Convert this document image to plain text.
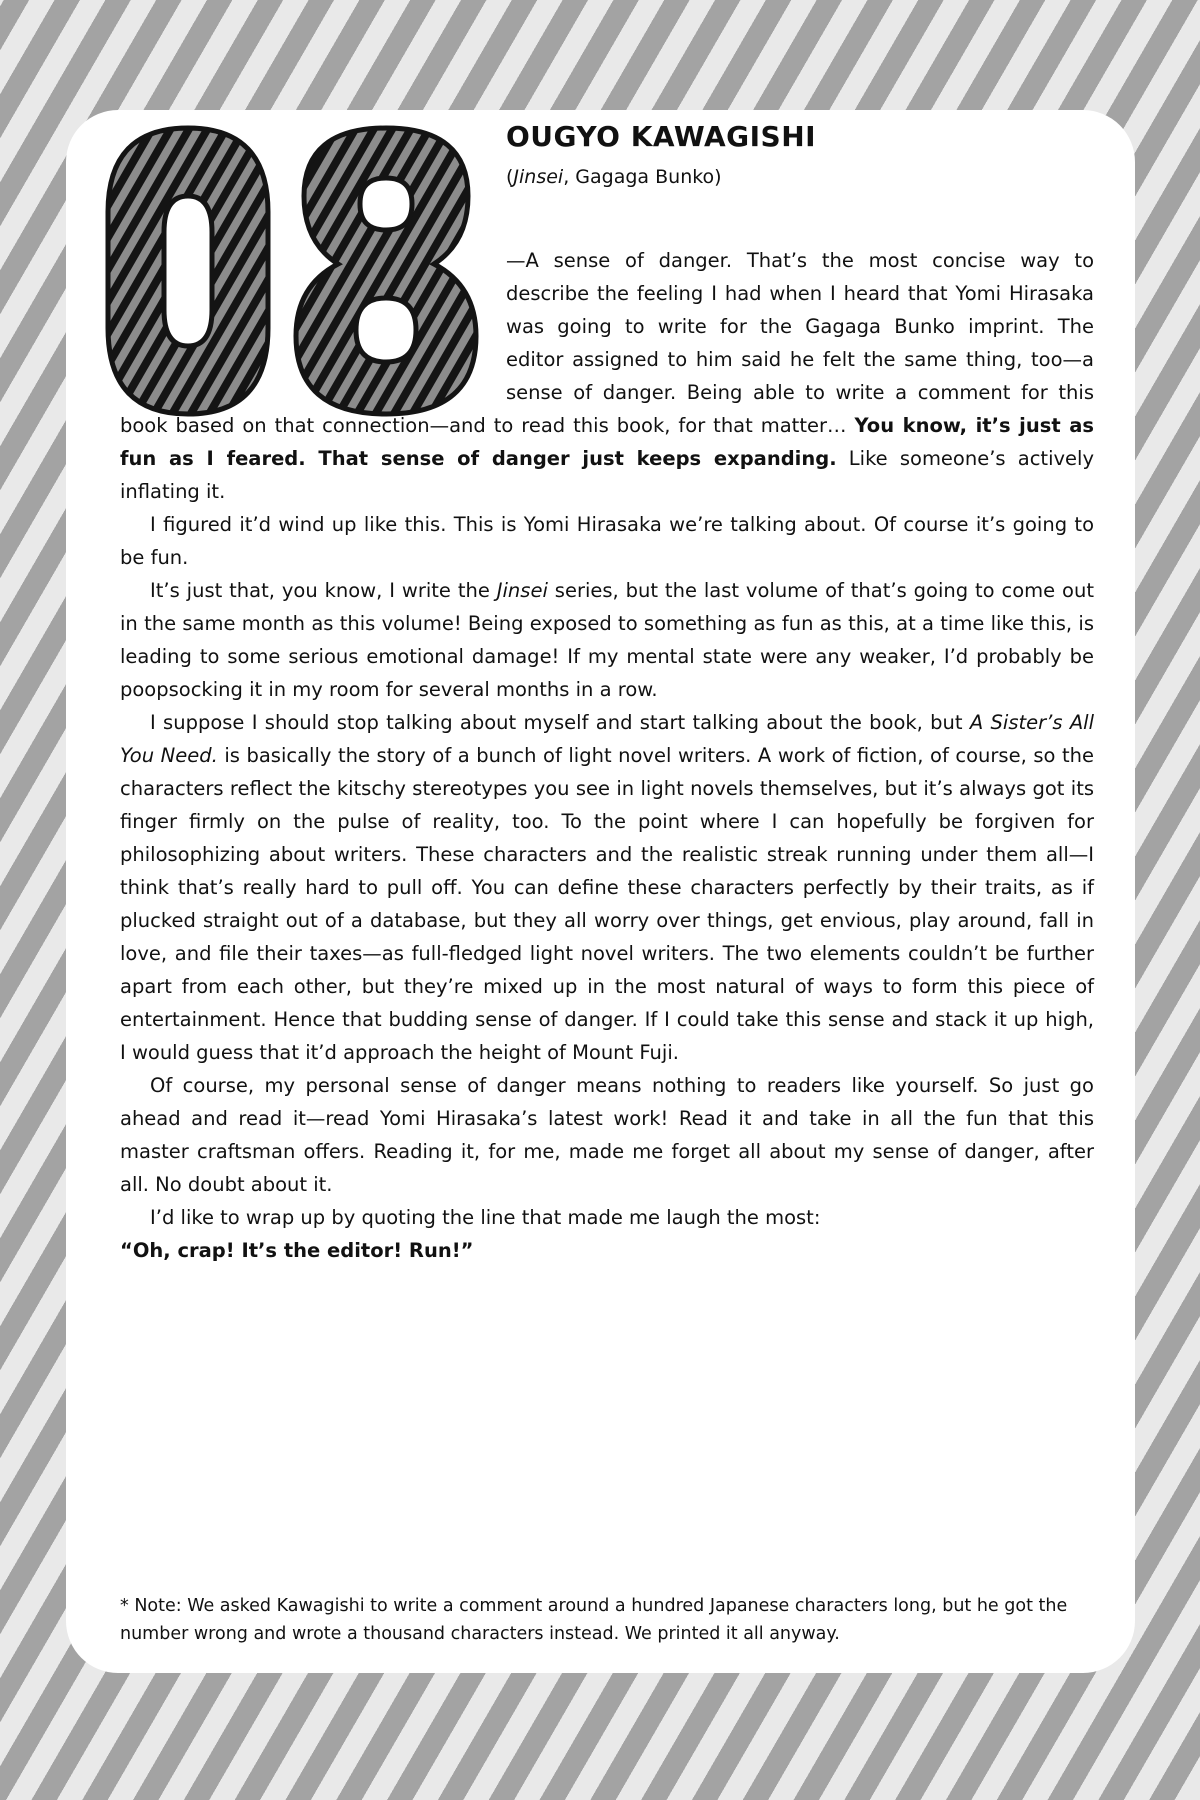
OUGYO KAWAGISHI
(Jinsei, Gagaga Bunko)

—A sense of danger. That’s the most concise way to describe the feeling I had when I heard that Yomi Hirasaka was going to write for the Gagaga Bunko imprint. The editor assigned to him said he felt the same thing, too—a sense of danger. Being able to write a comment for this book based on that connection—and to read this book, for that matter… You know, it’s just as fun as I feared. That sense of danger just keeps expanding. Like someone’s actively inflating it.

I figured it’d wind up like this. This is Yomi Hirasaka we’re talking about. Of course it’s going to be fun.

It’s just that, you know, I write the Jinsei series, but the last volume of that’s going to come out in the same month as this volume! Being exposed to something as fun as this, at a time like this, is leading to some serious emotional damage! If my mental state were any weaker, I’d probably be poopsocking it in my room for several months in a row.

I suppose I should stop talking about myself and start talking about the book, but A Sister’s All You Need. is basically the story of a bunch of light novel writers. A work of fiction, of course, so the characters reflect the kitschy stereotypes you see in light novels themselves, but it’s always got its finger firmly on the pulse of reality, too. To the point where I can hopefully be forgiven for philosophizing about writers. These characters and the realistic streak running under them all—I think that’s really hard to pull off. You can define these characters perfectly by their traits, as if plucked straight out of a database, but they all worry over things, get envious, play around, fall in love, and file their taxes—as full-fledged light novel writers. The two elements couldn’t be further apart from each other, but they’re mixed up in the most natural of ways to form this piece of entertainment. Hence that budding sense of danger. If I could take this sense and stack it up high, I would guess that it’d approach the height of Mount Fuji.

Of course, my personal sense of danger means nothing to readers like yourself. So just go ahead and read it—read Yomi Hirasaka’s latest work! Read it and take in all the fun that this master craftsman offers. Reading it, for me, made me forget all about my sense of danger, after all. No doubt about it.

I’d like to wrap up by quoting the line that made me laugh the most:

“Oh, crap! It’s the editor! Run!”

* Note: We asked Kawagishi to write a comment around a hundred Japanese characters long, but he got the number wrong and wrote a thousand characters instead. We printed it all anyway.
